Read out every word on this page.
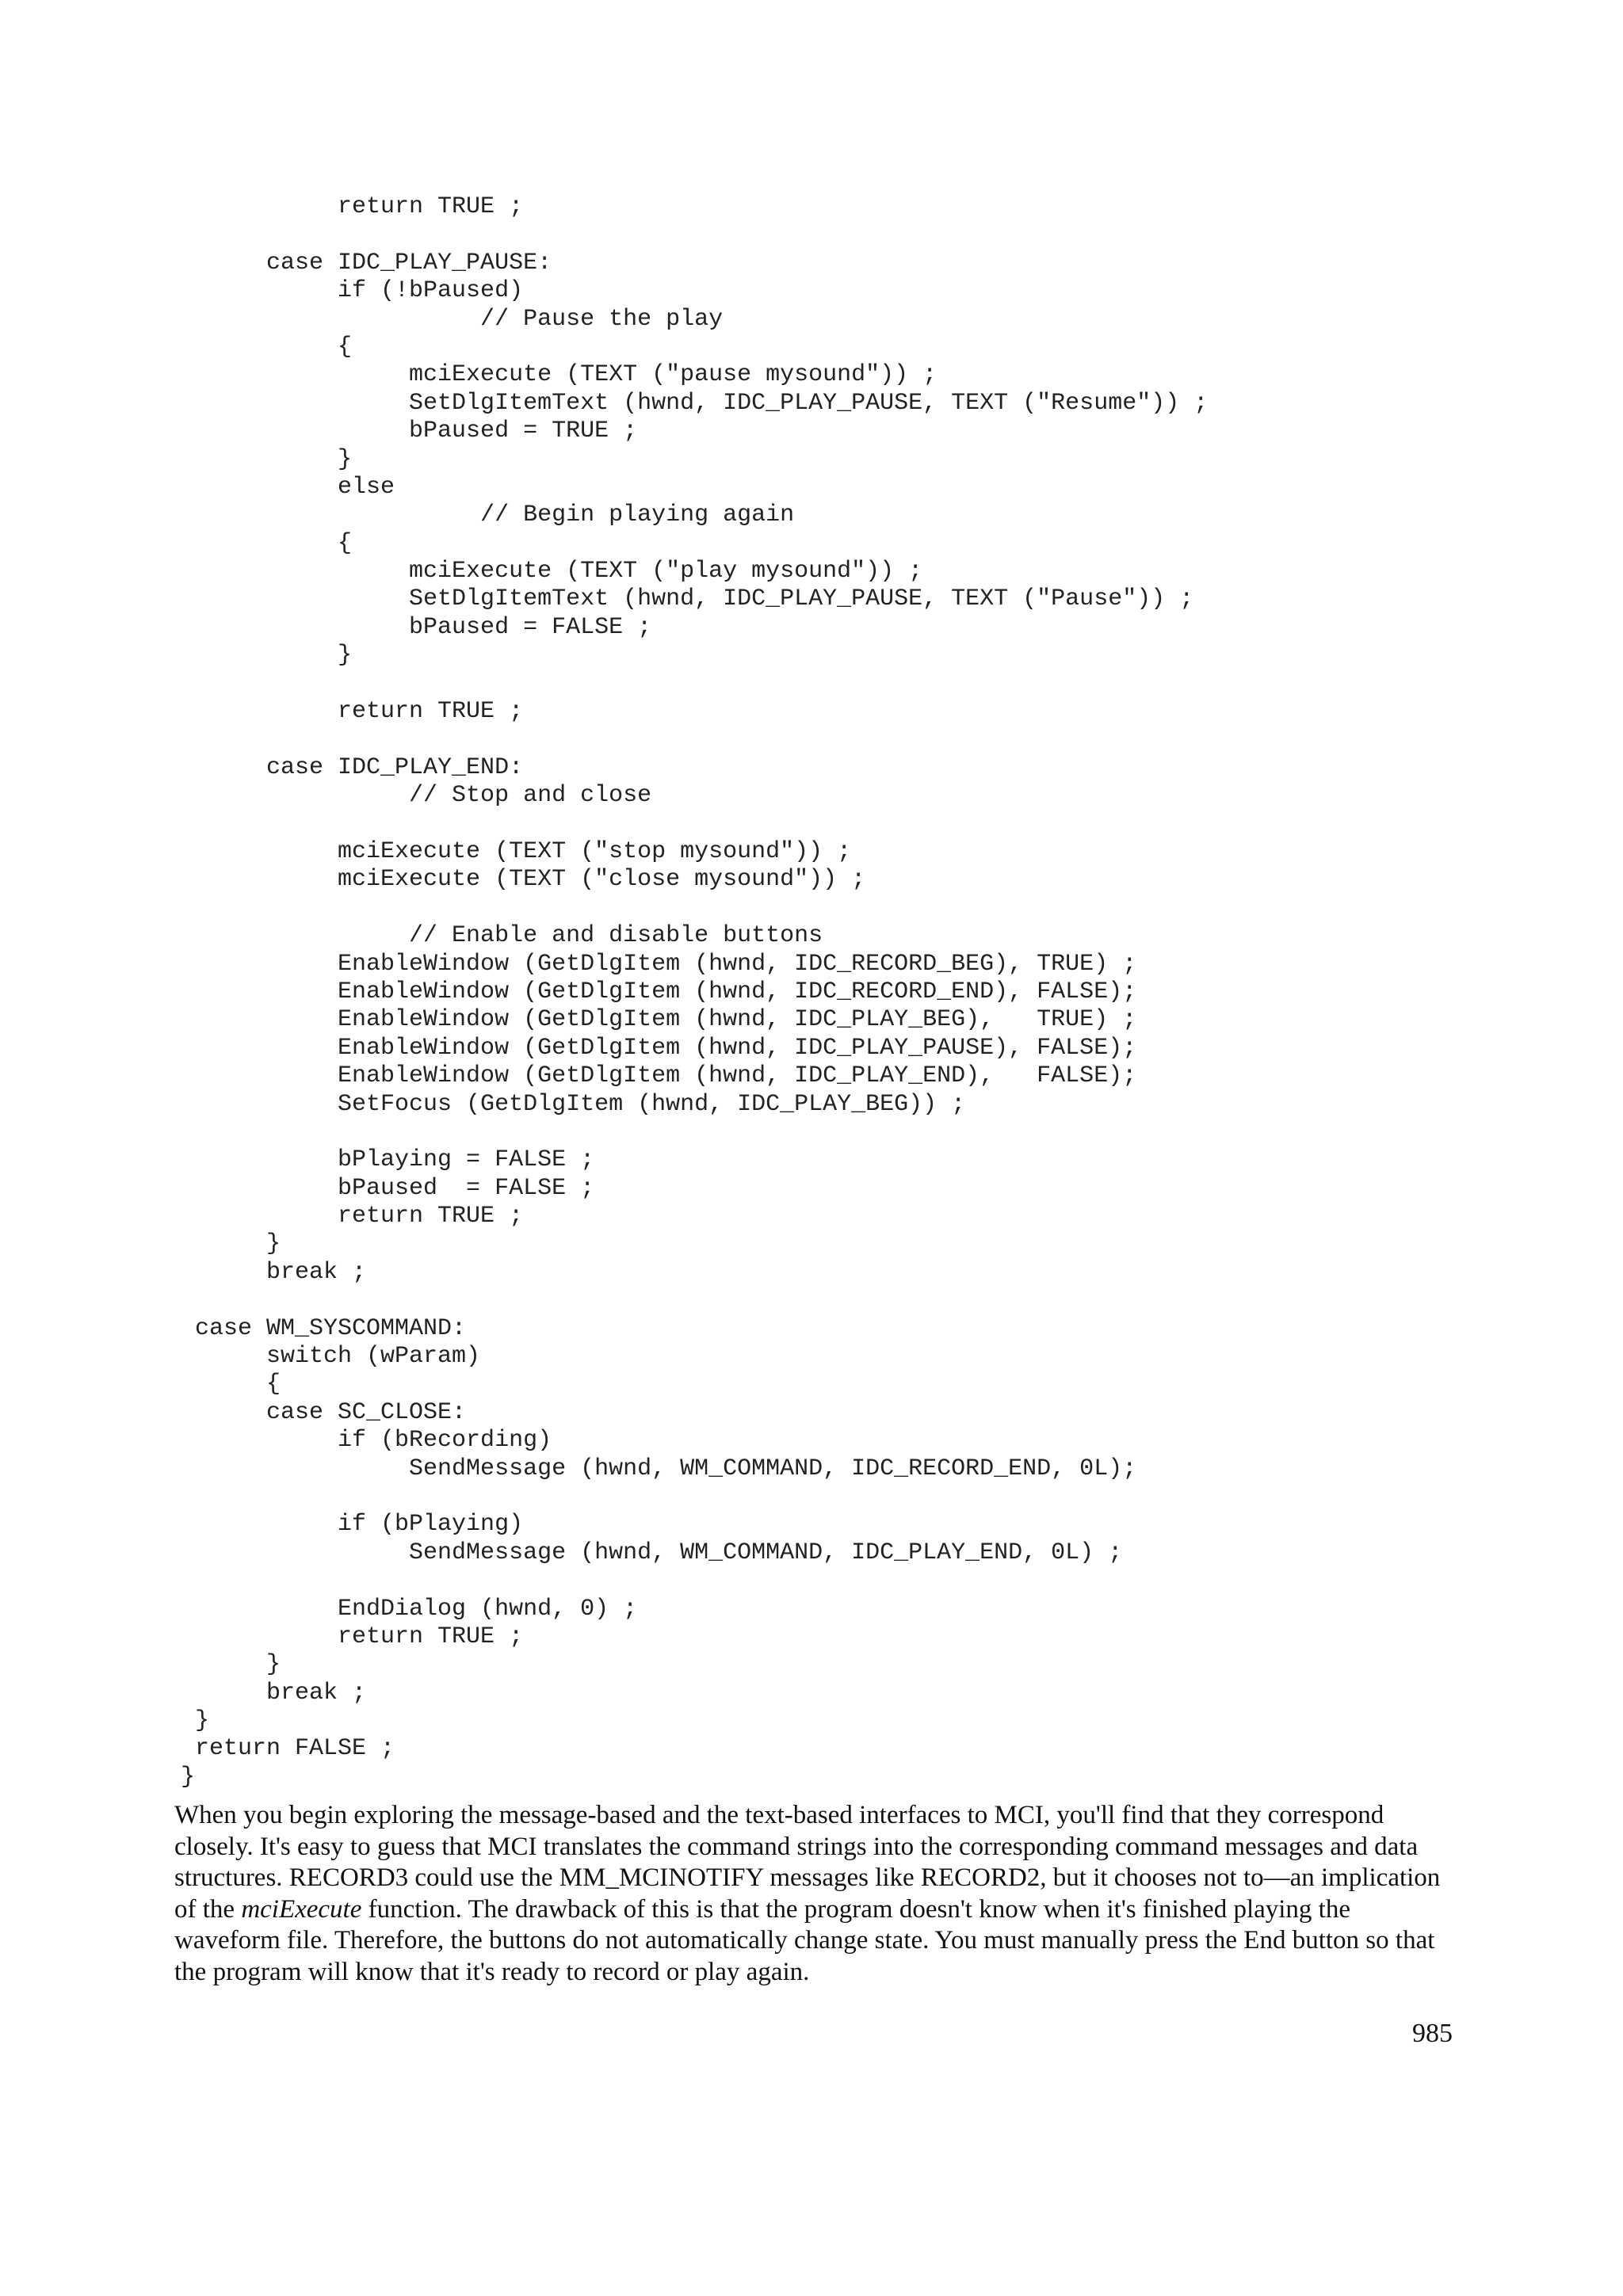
return TRUE ;

case IDC_PLAY_PAUSE:
if (!bPaused)
// Pause the play
{
mciExecute (TEXT ("pause mysound")) ;
SetDlgItemText (hwnd, IDC_PLAY_PAUSE, TEXT ("Resume")) ;
bPaused = TRUE ;
}
else
// Begin playing again
{
mciExecute (TEXT ("play mysound")) ;
SetDlgItemText (hwnd, IDC_PLAY_PAUSE, TEXT ("Pause")) ;
bPaused = FALSE ;
}

return TRUE ;

case IDC_PLAY_END:
// Stop and close

mciExecute (TEXT ("stop mysound")) ;
mciExecute (TEXT ("close mysound")) ;

// Enable and disable buttons
EnableWindow (GetDlgItem (hwnd, IDC_RECORD_BEG), TRUE) ;
EnableWindow (GetDlgItem (hwnd, IDC_RECORD_END), FALSE);
EnableWindow (GetDlgItem (hwnd, IDC_PLAY_BEG),   TRUE) ;
EnableWindow (GetDlgItem (hwnd, IDC_PLAY_PAUSE), FALSE);
EnableWindow (GetDlgItem (hwnd, IDC_PLAY_END),   FALSE);
SetFocus (GetDlgItem (hwnd, IDC_PLAY_BEG)) ;

bPlaying = FALSE ;
bPaused  = FALSE ;
return TRUE ;
}
break ;

case WM_SYSCOMMAND:
switch (wParam)
{
case SC_CLOSE:
if (bRecording)
SendMessage (hwnd, WM_COMMAND, IDC_RECORD_END, 0L);

if (bPlaying)
SendMessage (hwnd, WM_COMMAND, IDC_PLAY_END, 0L) ;

EndDialog (hwnd, 0) ;
return TRUE ;
}
break ;
}
return FALSE ;
}

When you begin exploring the message-based and the text-based interfaces to MCI, you'll find that they correspond closely. It's easy to guess that MCI translates the command strings into the corresponding command messages and data structures. RECORD3 could use the MM_MCINOTIFY messages like RECORD2, but it chooses not to—an implication of the mciExecute function. The drawback of this is that the program doesn't know when it's finished playing the waveform file. Therefore, the buttons do not automatically change state. You must manually press the End button so that the program will know that it's ready to record or play again.

985
